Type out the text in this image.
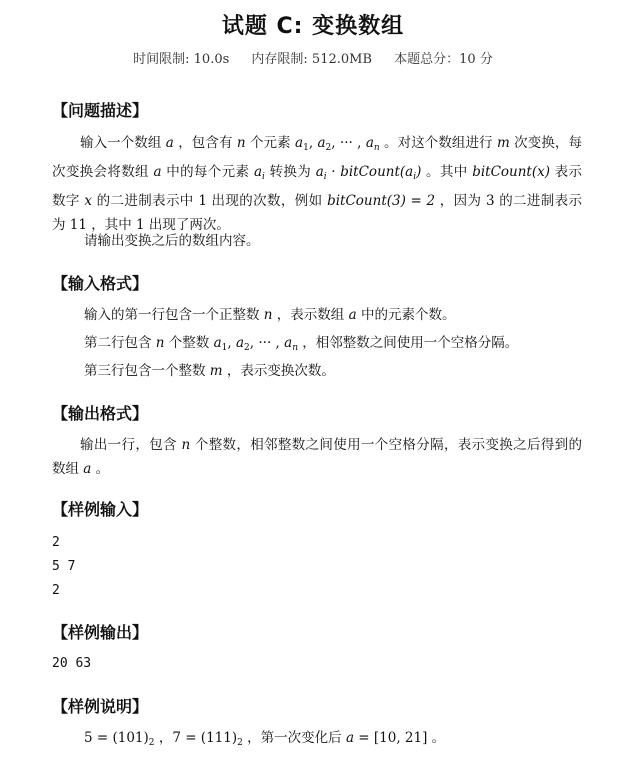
试题 C: 变换数组
时间限制: 10.0s 内存限制: 512.0MB 本题总分：10 分
【问题描述】
输入一个数组 a ，包含有 n 个元素 $a_1$, $a_2$, ··· , $a_n$ 。对这个数组进行 m 次变换，每次变换会将数组 a 中的每个元素 $a_i$ 转换为 $a_i$ · $bitCount(a_i)$ 。其中 bitCount(x) 表示数字 x 的二进制表示中 1 出现的次数，例如 bitCount(3) = 2 ，因为 3 的二进制表示为 11 ，其中 1 出现了两次。
请输出变换之后的数组内容。
【输入格式】
输入的第一行包含一个正整数 n ，表示数组 a 中的元素个数。
第二行包含 n 个整数 $a_1$, $a_2$, ··· , $a_n$ ，相邻整数之间使用一个空格分隔。
第三行包含一个整数 m ，表示变换次数。
【输出格式】
输出一行，包含 n 个整数，相邻整数之间使用一个空格分隔，表示变换之后得到的数组 a 。
【样例输入】
2
5 7
2
【样例输出】
20 63
【样例说明】
$5 = (101)_2$ ，$7 = (111)_2$ ，第一次变化后 a = [10, 21] 。
